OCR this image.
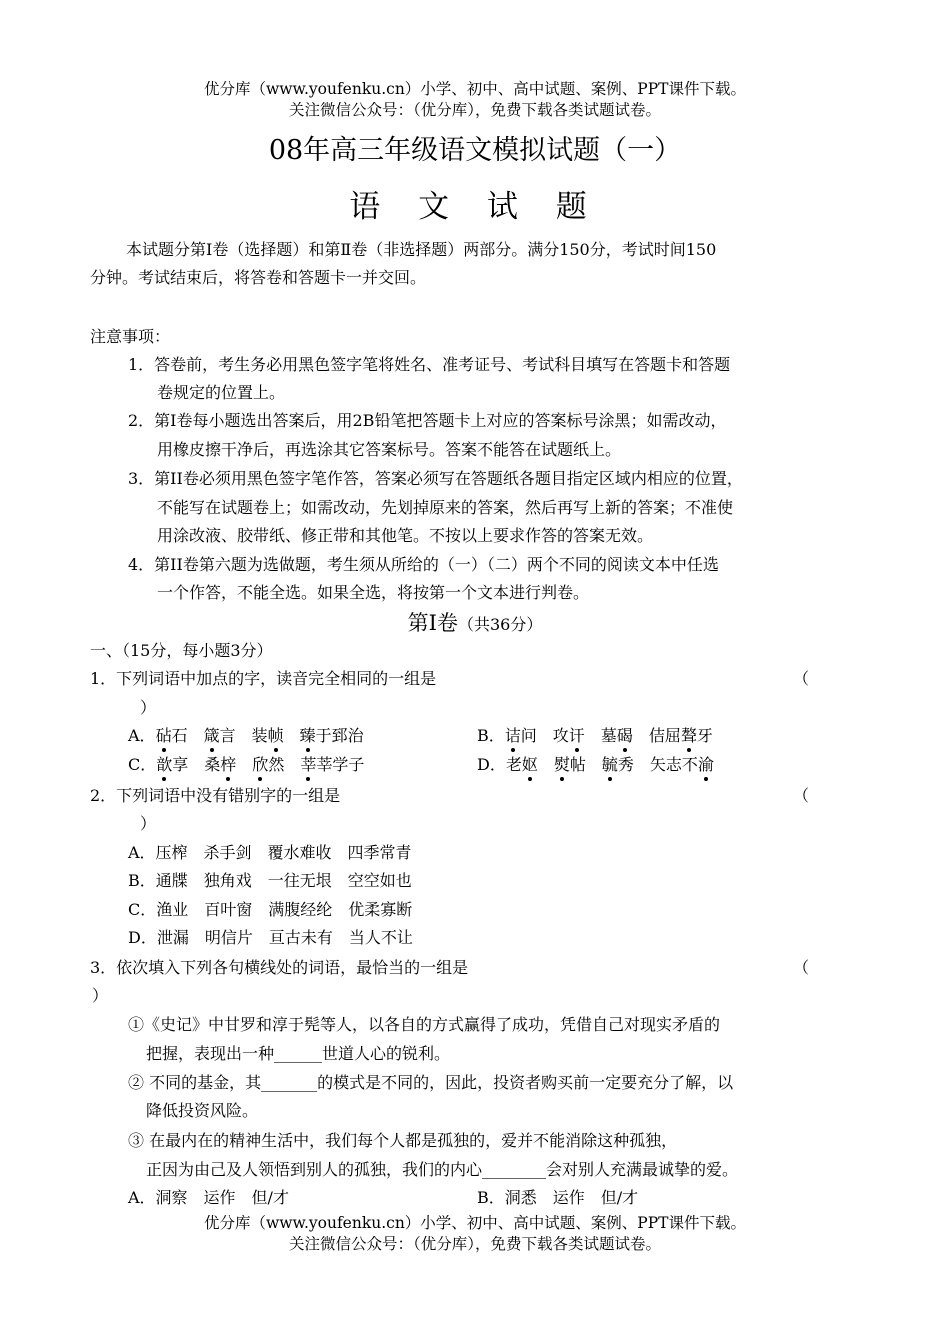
优分库（www.youfenku.cn）小学、初中、高中试题、案例、PPT课件下载。
关注微信公众号：（优分库），免费下载各类试题试卷。
08年高三年级语文模拟试题（一）
语 文 试 题
本试题分第Ⅰ卷（选择题）和第Ⅱ卷（非选择题）两部分。满分150分，考试时间150
分钟。考试结束后，将答卷和答题卡一并交回。
注意事项：
1．答卷前，考生务必用黑色签字笔将姓名、准考证号、考试科目填写在答题卡和答题
卷规定的位置上。
2．第I卷每小题选出答案后，用2B铅笔把答题卡上对应的答案标号涂黑；如需改动，
用橡皮擦干净后，再选涂其它答案标号。答案不能答在试题纸上。
3．第II卷必须用黑色签字笔作答，答案必须写在答题纸各题目指定区域内相应的位置，
不能写在试题卷上；如需改动，先划掉原来的答案，然后再写上新的答案；不准使
用涂改液、胶带纸、修正带和其他笔。不按以上要求作答的答案无效。
4．第II卷第六题为选做题，考生须从所给的（一）（二）两个不同的阅读文本中任选
一个作答，不能全选。如果全选，将按第一个文本进行判卷。
第Ⅰ卷（共36分）
一、（15分，每小题3分）
1．下列词语中加点的字，读音完全相同的一组是	（
）
A．砧石　箴言　装帧　 臻于郅治	B．诘问　攻讦　墓碣　佶屈聱牙
C．歆享　桑梓　 欣然　莘莘学子	D．老妪　 熨帖　毓秀　矢志不渝
2．下列词语中没有错别字的一组是	（
）
A．压榨　杀手剑　覆水难收　四季常青
B．通牒　独角戏　一往无垠　空空如也
C．渔业　百叶窗　满腹经纶　优柔寡断
D．泄漏　明信片　亘古未有　当人不让
3．依次填入下列各句横线处的词语，最恰当的一组是	（
）
①《史记》中甘罗和淳于髡等人，以各自的方式赢得了成功，凭借自己对现实矛盾的
把握，表现出一种______世道人心的锐利。
② 不同的基金，其_______的模式是不同的，因此，投资者购买前一定要充分了解，以
降低投资风险。
③ 在最内在的精神生活中，我们每个人都是孤独的，爱并不能消除这种孤独，
正因为由己及人领悟到别人的孤独，我们的内心________会对别人充满最诚挚的爱。
A．洞察　运作　但/才	B．洞悉　运作　但/才
优分库（www.youfenku.cn）小学、初中、高中试题、案例、PPT课件下载。
关注微信公众号：（优分库），免费下载各类试题试卷。
